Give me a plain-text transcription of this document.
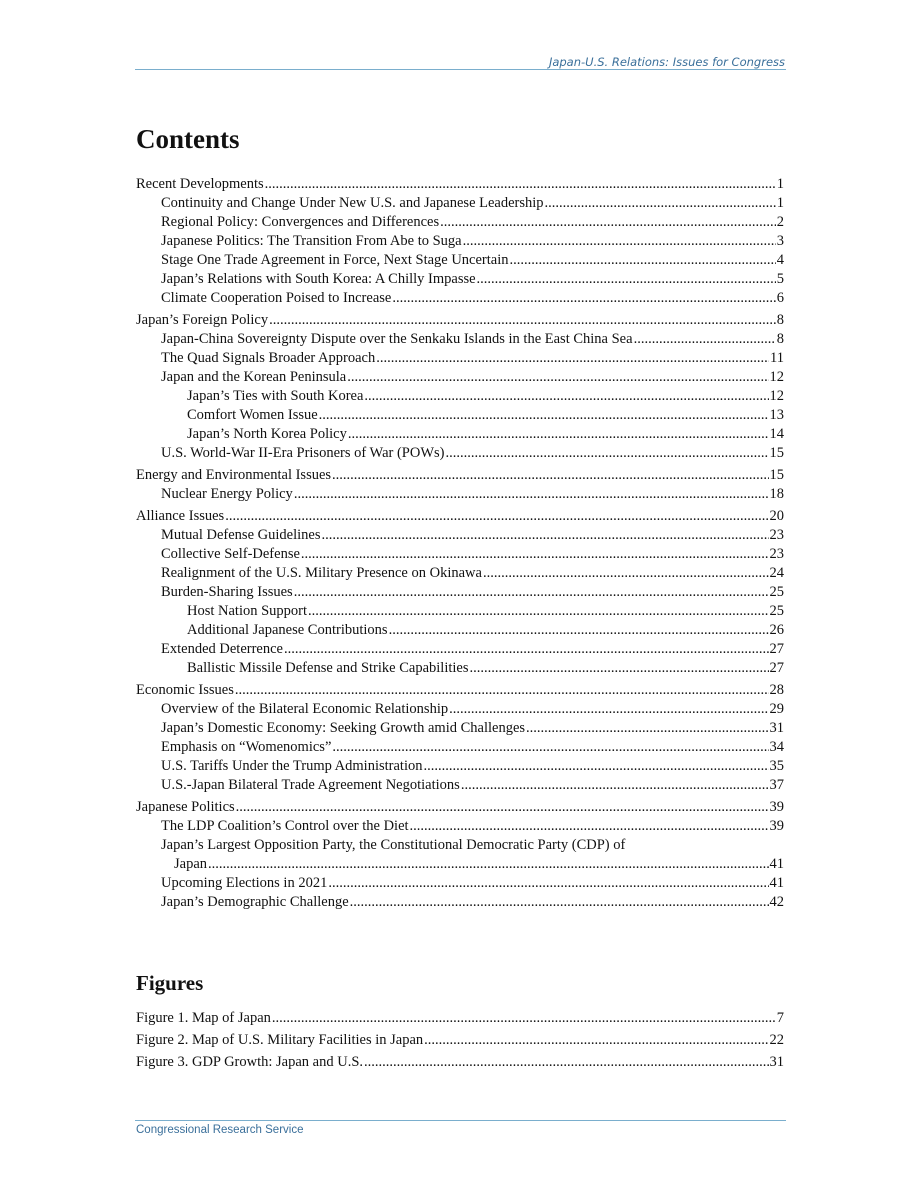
Japan-U.S. Relations: Issues for Congress
Contents
Recent Developments .....	1
Continuity and Change Under New U.S. and Japanese Leadership .....	1
Regional Policy: Convergences and Differences .....	2
Japanese Politics: The Transition From Abe to Suga .....	3
Stage One Trade Agreement in Force, Next Stage Uncertain .....	4
Japan’s Relations with South Korea: A Chilly Impasse .....	5
Climate Cooperation Poised to Increase .....	6
Japan’s Foreign Policy .....	8
Japan-China Sovereignty Dispute over the Senkaku Islands in the East China Sea .....	8
The Quad Signals Broader Approach .....	11
Japan and the Korean Peninsula .....	12
Japan’s Ties with South Korea .....	12
Comfort Women Issue .....	13
Japan’s North Korea Policy .....	14
U.S. World-War II-Era Prisoners of War (POWs) .....	15
Energy and Environmental Issues .....	15
Nuclear Energy Policy .....	18
Alliance Issues .....	20
Mutual Defense Guidelines .....	23
Collective Self-Defense .....	23
Realignment of the U.S. Military Presence on Okinawa .....	24
Burden-Sharing Issues .....	25
Host Nation Support .....	25
Additional Japanese Contributions .....	26
Extended Deterrence .....	27
Ballistic Missile Defense and Strike Capabilities .....	27
Economic Issues .....	28
Overview of the Bilateral Economic Relationship .....	29
Japan’s Domestic Economy: Seeking Growth amid Challenges .....	31
Emphasis on “Womenomics” .....	34
U.S. Tariffs Under the Trump Administration .....	35
U.S.-Japan Bilateral Trade Agreement Negotiations .....	37
Japanese Politics .....	39
The LDP Coalition’s Control over the Diet .....	39
Japan’s Largest Opposition Party, the Constitutional Democratic Party (CDP) of
Japan .....	41
Upcoming Elections in 2021 .....	41
Japan’s Demographic Challenge .....	42
Figures
Figure 1. Map of Japan .....	7
Figure 2. Map of U.S. Military Facilities in Japan .....	22
Figure 3. GDP Growth: Japan and U.S. .....	31
Congressional Research Service
